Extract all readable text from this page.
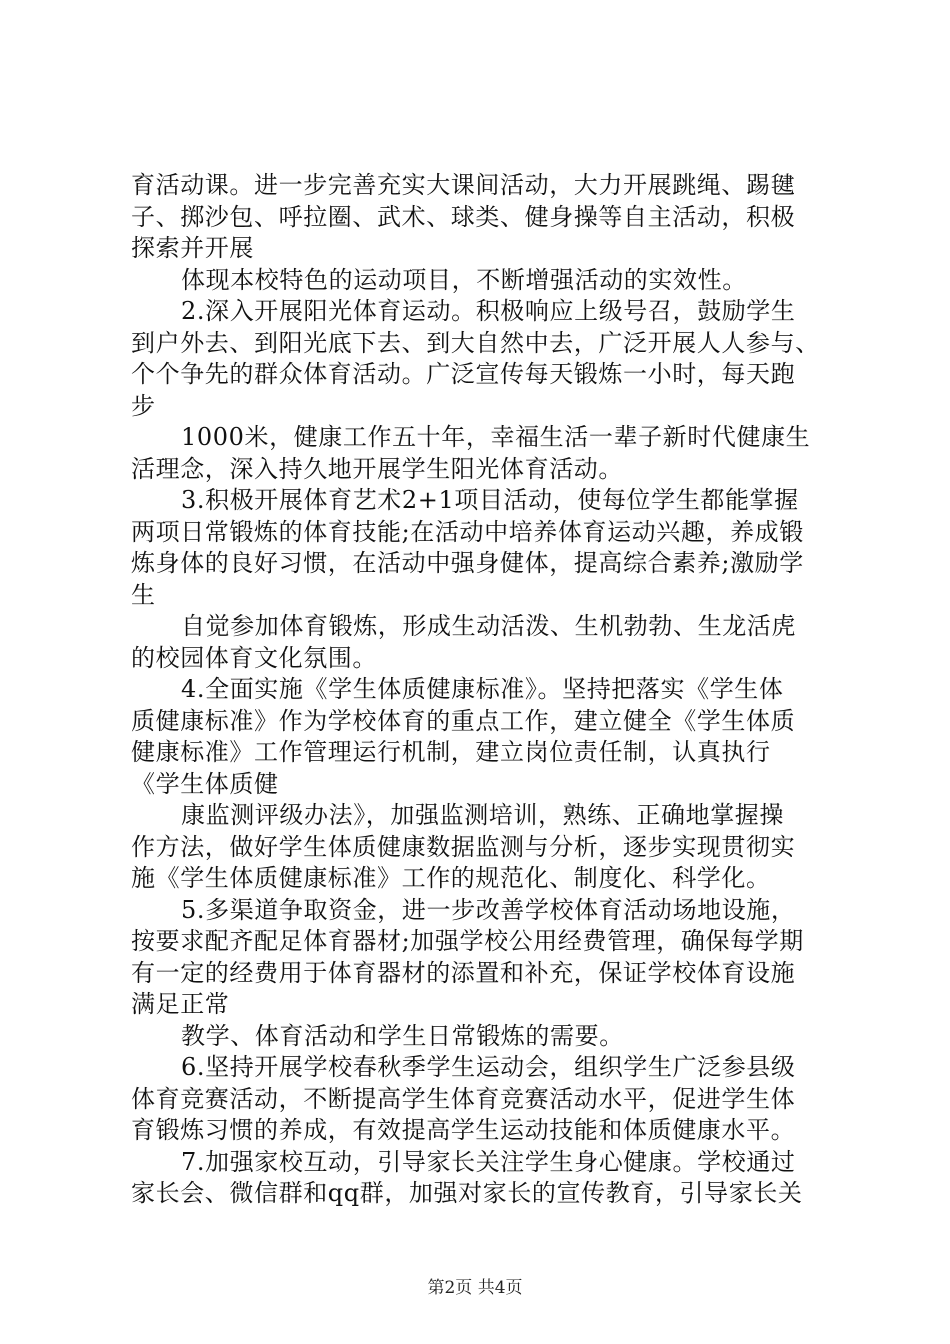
育活动课。进一步完善充实大课间活动，大力开展跳绳、踢毽
子、掷沙包、呼拉圈、武术、球类、健身操等自主活动，积极
探索并开展
体现本校特色的运动项目，不断增强活动的实效性。
2.深入开展阳光体育运动。积极响应上级号召，鼓励学生
到户外去、到阳光底下去、到大自然中去，广泛开展人人参与、
个个争先的群众体育活动。广泛宣传每天锻炼一小时，每天跑
步
1000米，健康工作五十年，幸福生活一辈子新时代健康生
活理念，深入持久地开展学生阳光体育活动。
3.积极开展体育艺术2+1项目活动，使每位学生都能掌握
两项日常锻炼的体育技能;在活动中培养体育运动兴趣，养成锻
炼身体的良好习惯，在活动中强身健体，提高综合素养;激励学
生
自觉参加体育锻炼，形成生动活泼、生机勃勃、生龙活虎
的校园体育文化氛围。
4.全面实施《学生体质健康标准》。坚持把落实《学生体
质健康标准》作为学校体育的重点工作，建立健全《学生体质
健康标准》工作管理运行机制，建立岗位责任制，认真执行
《学生体质健
康监测评级办法》，加强监测培训，熟练、正确地掌握操
作方法，做好学生体质健康数据监测与分析，逐步实现贯彻实
施《学生体质健康标准》工作的规范化、制度化、科学化。
5.多渠道争取资金，进一步改善学校体育活动场地设施，
按要求配齐配足体育器材;加强学校公用经费管理，确保每学期
有一定的经费用于体育器材的添置和补充，保证学校体育设施
满足正常
教学、体育活动和学生日常锻炼的需要。
6.坚持开展学校春秋季学生运动会，组织学生广泛参县级
体育竞赛活动，不断提高学生体育竞赛活动水平，促进学生体
育锻炼习惯的养成，有效提高学生运动技能和体质健康水平。
7.加强家校互动，引导家长关注学生身心健康。学校通过
家长会、微信群和qq群，加强对家长的宣传教育，引导家长关
第2页 共4页
